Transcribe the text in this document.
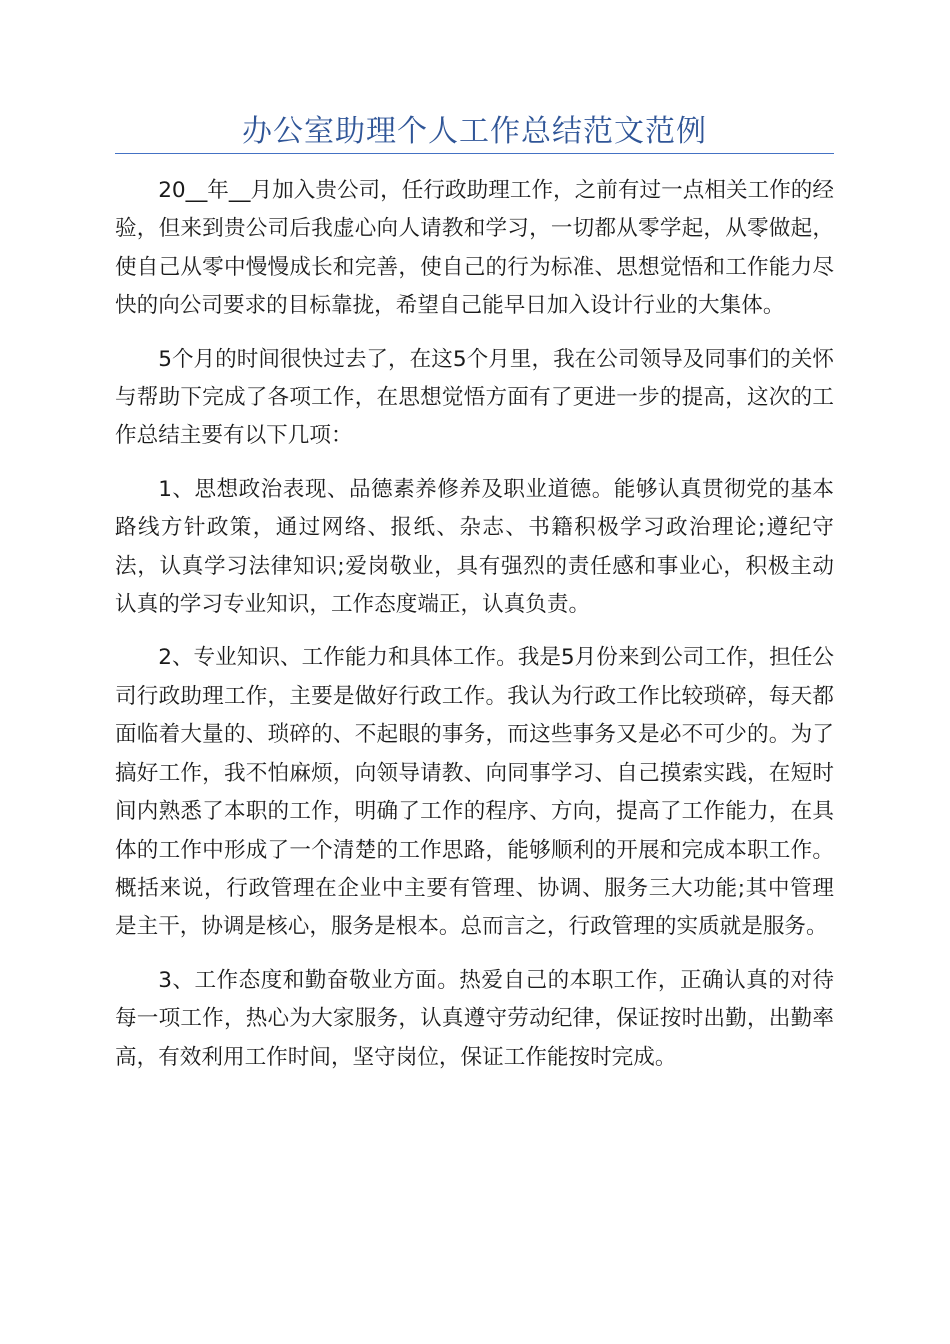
办公室助理个人工作总结范文范例

20__年__月加入贵公司，任行政助理工作，之前有过一点相关工作的经验，但来到贵公司后我虚心向人请教和学习，一切都从零学起，从零做起，使自己从零中慢慢成长和完善，使自己的行为标准、思想觉悟和工作能力尽快的向公司要求的目标靠拢，希望自己能早日加入设计行业的大集体。

5个月的时间很快过去了，在这5个月里，我在公司领导及同事们的关怀与帮助下完成了各项工作，在思想觉悟方面有了更进一步的提高，这次的工作总结主要有以下几项：

1、思想政治表现、品德素养修养及职业道德。能够认真贯彻党的基本路线方针政策，通过网络、报纸、杂志、书籍积极学习政治理论;遵纪守法，认真学习法律知识;爱岗敬业，具有强烈的责任感和事业心，积极主动认真的学习专业知识，工作态度端正，认真负责。

2、专业知识、工作能力和具体工作。我是5月份来到公司工作，担任公司行政助理工作，主要是做好行政工作。我认为行政工作比较琐碎，每天都面临着大量的、琐碎的、不起眼的事务，而这些事务又是必不可少的。为了搞好工作，我不怕麻烦，向领导请教、向同事学习、自己摸索实践，在短时间内熟悉了本职的工作，明确了工作的程序、方向，提高了工作能力，在具体的工作中形成了一个清楚的工作思路，能够顺利的开展和完成本职工作。概括来说，行政管理在企业中主要有管理、协调、服务三大功能;其中管理是主干，协调是核心，服务是根本。总而言之，行政管理的实质就是服务。

3、工作态度和勤奋敬业方面。热爱自己的本职工作，正确认真的对待每一项工作，热心为大家服务，认真遵守劳动纪律，保证按时出勤，出勤率高，有效利用工作时间，坚守岗位，保证工作能按时完成。
